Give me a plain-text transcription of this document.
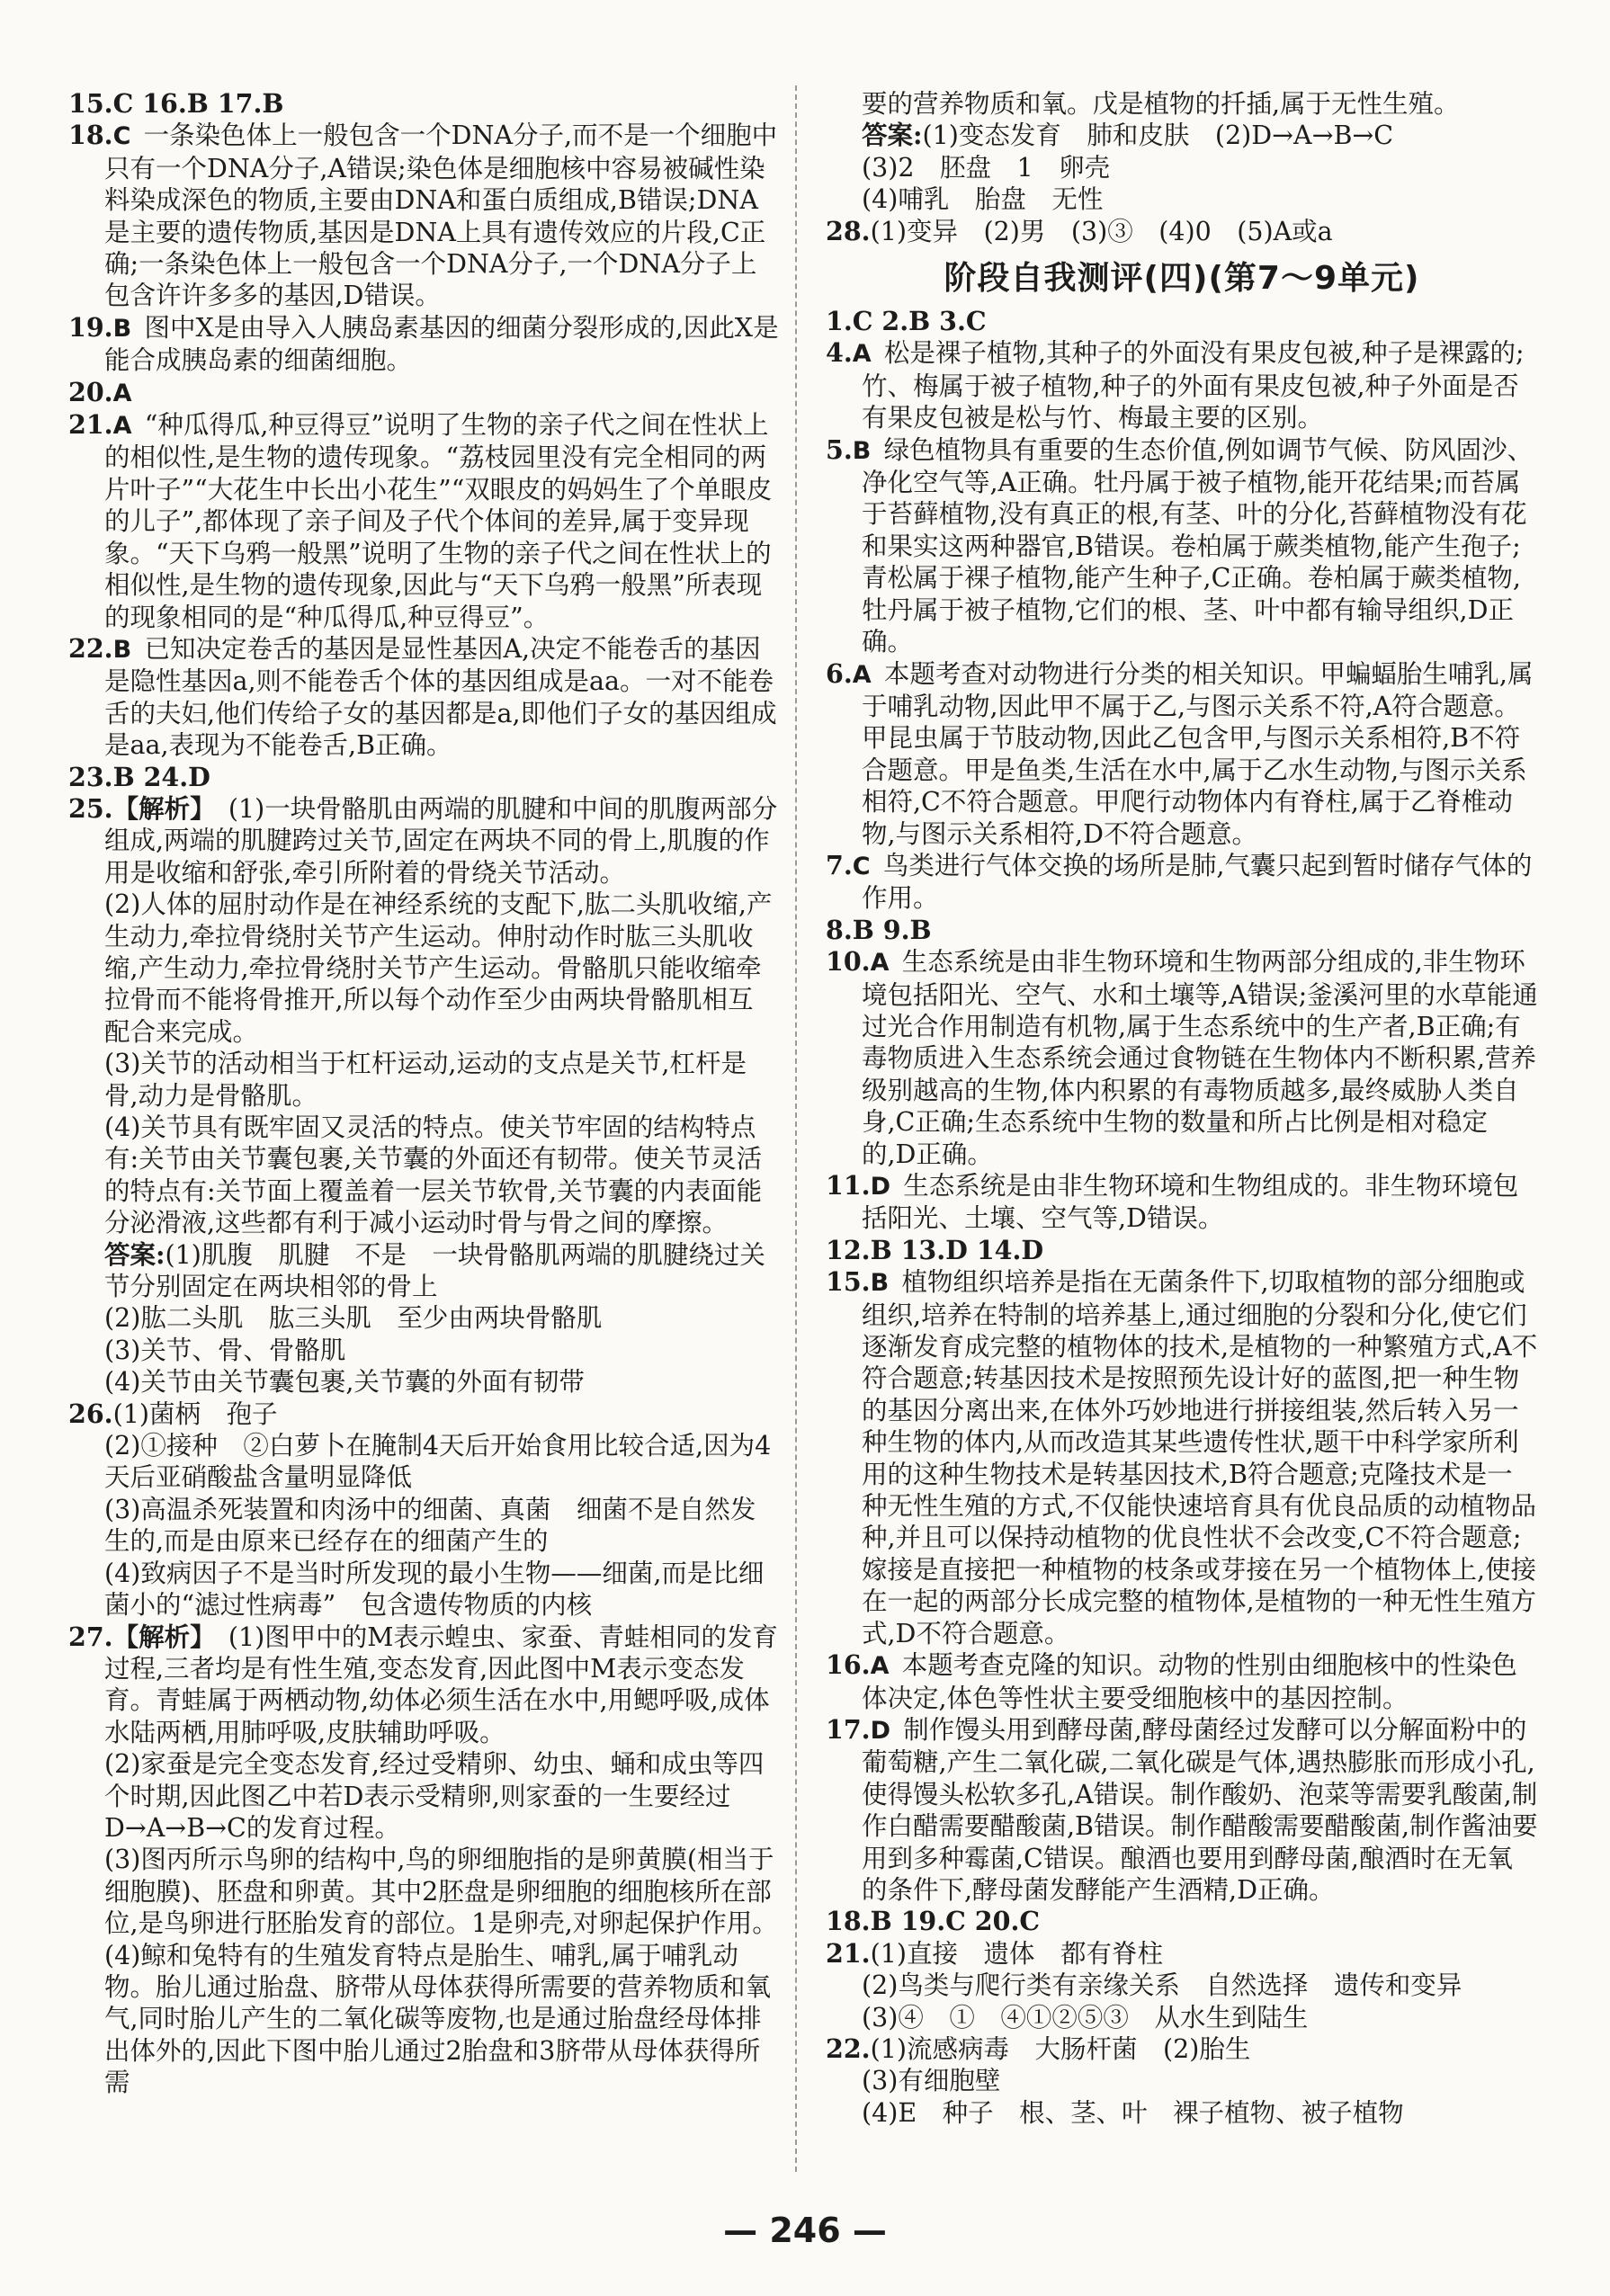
15.C 16.B 17.B
18.C  一条染色体上一般包含一个DNA分子,而不是一个细胞中只有一个DNA分子,A错误;染色体是细胞核中容易被碱性染料染成深色的物质,主要由DNA和蛋白质组成,B错误;DNA是主要的遗传物质,基因是DNA上具有遗传效应的片段,C正确;一条染色体上一般包含一个DNA分子,一个DNA分子上包含许许多多的基因,D错误。
19.B  图中X是由导入人胰岛素基因的细菌分裂形成的,因此X是能合成胰岛素的细菌细胞。
20.A 
21.A  “种瓜得瓜,种豆得豆”说明了生物的亲子代之间在性状上的相似性,是生物的遗传现象。“荔枝园里没有完全相同的两片叶子”“大花生中长出小花生”“双眼皮的妈妈生了个单眼皮的儿子”,都体现了亲子间及子代个体间的差异,属于变异现象。“天下乌鸦一般黑”说明了生物的亲子代之间在性状上的相似性,是生物的遗传现象,因此与“天下乌鸦一般黑”所表现的现象相同的是“种瓜得瓜,种豆得豆”。
22.B  已知决定卷舌的基因是显性基因A,决定不能卷舌的基因是隐性基因a,则不能卷舌个体的基因组成是aa。一对不能卷舌的夫妇,他们传给子女的基因都是a,即他们子女的基因组成是aa,表现为不能卷舌,B正确。
23.B 24.D
25.【解析】  (1)一块骨骼肌由两端的肌腱和中间的肌腹两部分组成,两端的肌腱跨过关节,固定在两块不同的骨上,肌腹的作用是收缩和舒张,牵引所附着的骨绕关节活动。
(2)人体的屈肘动作是在神经系统的支配下,肱二头肌收缩,产生动力,牵拉骨绕肘关节产生运动。伸肘动作时肱三头肌收缩,产生动力,牵拉骨绕肘关节产生运动。骨骼肌只能收缩牵拉骨而不能将骨推开,所以每个动作至少由两块骨骼肌相互配合来完成。
(3)关节的活动相当于杠杆运动,运动的支点是关节,杠杆是骨,动力是骨骼肌。
(4)关节具有既牢固又灵活的特点。使关节牢固的结构特点有:关节由关节囊包裹,关节囊的外面还有韧带。使关节灵活的特点有:关节面上覆盖着一层关节软骨,关节囊的内表面能分泌滑液,这些都有利于减小运动时骨与骨之间的摩擦。
答案:(1)肌腹　肌腱　不是　一块骨骼肌两端的肌腱绕过关节分别固定在两块相邻的骨上
(2)肱二头肌　肱三头肌　至少由两块骨骼肌
(3)关节、骨、骨骼肌
(4)关节由关节囊包裹,关节囊的外面有韧带
26.(1)菌柄　孢子
(2)①接种　②白萝卜在腌制4天后开始食用比较合适,因为4天后亚硝酸盐含量明显降低
(3)高温杀死装置和肉汤中的细菌、真菌　细菌不是自然发生的,而是由原来已经存在的细菌产生的
(4)致病因子不是当时所发现的最小生物——细菌,而是比细菌小的“滤过性病毒”　包含遗传物质的内核
27.【解析】  (1)图甲中的M表示蝗虫、家蚕、青蛙相同的发育过程,三者均是有性生殖,变态发育,因此图中M表示变态发育。青蛙属于两栖动物,幼体必须生活在水中,用鳃呼吸,成体水陆两栖,用肺呼吸,皮肤辅助呼吸。
(2)家蚕是完全变态发育,经过受精卵、幼虫、蛹和成虫等四个时期,因此图乙中若D表示受精卵,则家蚕的一生要经过D→A→B→C的发育过程。
(3)图丙所示鸟卵的结构中,鸟的卵细胞指的是卵黄膜(相当于细胞膜)、胚盘和卵黄。其中2胚盘是卵细胞的细胞核所在部位,是鸟卵进行胚胎发育的部位。1是卵壳,对卵起保护作用。
(4)鲸和兔特有的生殖发育特点是胎生、哺乳,属于哺乳动物。胎儿通过胎盘、脐带从母体获得所需要的营养物质和氧气,同时胎儿产生的二氧化碳等废物,也是通过胎盘经母体排出体外的,因此下图中胎儿通过2胎盘和3脐带从母体获得所需
要的营养物质和氧。戊是植物的扦插,属于无性生殖。
答案:(1)变态发育　肺和皮肤　(2)D→A→B→C
(3)2　胚盘　1　卵壳
(4)哺乳　胎盘　无性
28.(1)变异　(2)男　(3)③　(4)0　(5)A或a
阶段自我测评(四)(第7～9单元)
1.C 2.B 3.C
4.A  松是裸子植物,其种子的外面没有果皮包被,种子是裸露的;竹、梅属于被子植物,种子的外面有果皮包被,种子外面是否有果皮包被是松与竹、梅最主要的区别。
5.B  绿色植物具有重要的生态价值,例如调节气候、防风固沙、净化空气等,A正确。牡丹属于被子植物,能开花结果;而苔属于苔藓植物,没有真正的根,有茎、叶的分化,苔藓植物没有花和果实这两种器官,B错误。卷柏属于蕨类植物,能产生孢子;青松属于裸子植物,能产生种子,C正确。卷柏属于蕨类植物,牡丹属于被子植物,它们的根、茎、叶中都有输导组织,D正确。
6.A  本题考查对动物进行分类的相关知识。甲蝙蝠胎生哺乳,属于哺乳动物,因此甲不属于乙,与图示关系不符,A符合题意。甲昆虫属于节肢动物,因此乙包含甲,与图示关系相符,B不符合题意。甲是鱼类,生活在水中,属于乙水生动物,与图示关系相符,C不符合题意。甲爬行动物体内有脊柱,属于乙脊椎动物,与图示关系相符,D不符合题意。
7.C  鸟类进行气体交换的场所是肺,气囊只起到暂时储存气体的作用。
8.B 9.B
10.A  生态系统是由非生物环境和生物两部分组成的,非生物环境包括阳光、空气、水和土壤等,A错误;釜溪河里的水草能通过光合作用制造有机物,属于生态系统中的生产者,B正确;有毒物质进入生态系统会通过食物链在生物体内不断积累,营养级别越高的生物,体内积累的有毒物质越多,最终威胁人类自身,C正确;生态系统中生物的数量和所占比例是相对稳定的,D正确。
11.D  生态系统是由非生物环境和生物组成的。非生物环境包括阳光、土壤、空气等,D错误。
12.B 13.D 14.D
15.B  植物组织培养是指在无菌条件下,切取植物的部分细胞或组织,培养在特制的培养基上,通过细胞的分裂和分化,使它们逐渐发育成完整的植物体的技术,是植物的一种繁殖方式,A不符合题意;转基因技术是按照预先设计好的蓝图,把一种生物的基因分离出来,在体外巧妙地进行拼接组装,然后转入另一种生物的体内,从而改造其某些遗传性状,题干中科学家所利用的这种生物技术是转基因技术,B符合题意;克隆技术是一种无性生殖的方式,不仅能快速培育具有优良品质的动植物品种,并且可以保持动植物的优良性状不会改变,C不符合题意;嫁接是直接把一种植物的枝条或芽接在另一个植物体上,使接在一起的两部分长成完整的植物体,是植物的一种无性生殖方式,D不符合题意。
16.A  本题考查克隆的知识。动物的性别由细胞核中的性染色体决定,体色等性状主要受细胞核中的基因控制。
17.D  制作馒头用到酵母菌,酵母菌经过发酵可以分解面粉中的葡萄糖,产生二氧化碳,二氧化碳是气体,遇热膨胀而形成小孔,使得馒头松软多孔,A错误。制作酸奶、泡菜等需要乳酸菌,制作白醋需要醋酸菌,B错误。制作醋酸需要醋酸菌,制作酱油要用到多种霉菌,C错误。酿酒也要用到酵母菌,酿酒时在无氧的条件下,酵母菌发酵能产生酒精,D正确。
18.B 19.C 20.C
21.(1)直接　遗体　都有脊柱
(2)鸟类与爬行类有亲缘关系　自然选择　遗传和变异
(3)④　①　④①②⑤③　从水生到陆生
22.(1)流感病毒　大肠杆菌　(2)胎生
(3)有细胞壁
(4)E　种子　根、茎、叶　裸子植物、被子植物
— 246 —
